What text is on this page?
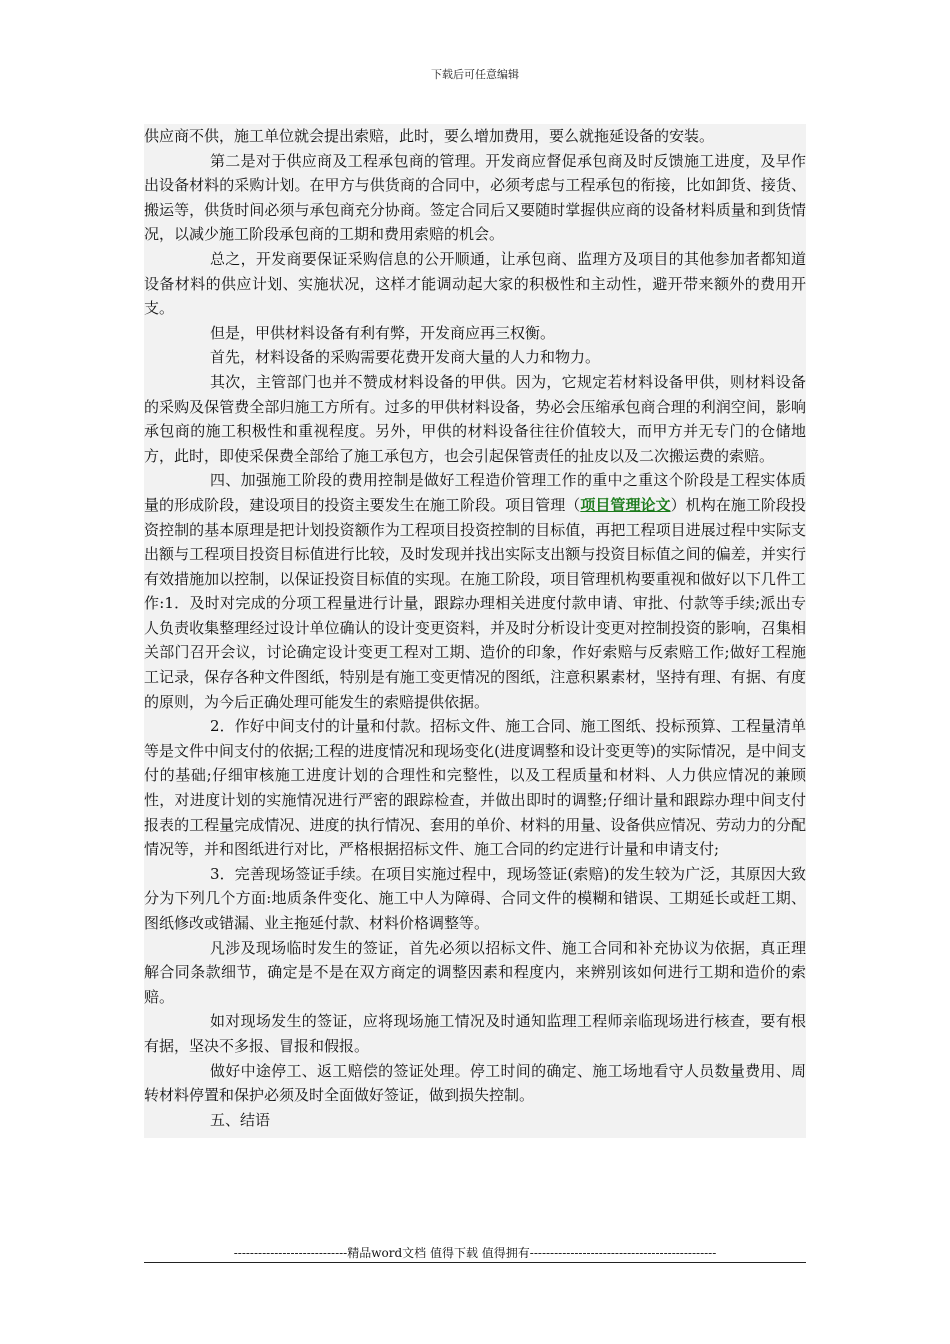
下载后可任意编辑

供应商不供，施工单位就会提出索赔，此时，要么增加费用，要么就拖延设备的安装。

第二是对于供应商及工程承包商的管理。开发商应督促承包商及时反馈施工进度，及早作出设备材料的采购计划。在甲方与供货商的合同中，必须考虑与工程承包的衔接，比如卸货、接货、搬运等，供货时间必须与承包商充分协商。签定合同后又要随时掌握供应商的设备材料质量和到货情况，以减少施工阶段承包商的工期和费用索赔的机会。

总之，开发商要保证采购信息的公开顺通，让承包商、监理方及项目的其他参加者都知道设备材料的供应计划、实施状况，这样才能调动起大家的积极性和主动性，避开带来额外的费用开支。

但是，甲供材料设备有利有弊，开发商应再三权衡。

首先，材料设备的采购需要花费开发商大量的人力和物力。

其次，主管部门也并不赞成材料设备的甲供。因为，它规定若材料设备甲供，则材料设备的采购及保管费全部归施工方所有。过多的甲供材料设备，势必会压缩承包商合理的利润空间，影响承包商的施工积极性和重视程度。另外，甲供的材料设备往往价值较大，而甲方并无专门的仓储地方，此时，即使采保费全部给了施工承包方，也会引起保管责任的扯皮以及二次搬运费的索赔。

四、加强施工阶段的费用控制是做好工程造价管理工作的重中之重这个阶段是工程实体质量的形成阶段，建设项目的投资主要发生在施工阶段。项目管理（项目管理论文）机构在施工阶段投资控制的基本原理是把计划投资额作为工程项目投资控制的目标值，再把工程项目进展过程中实际支出额与工程项目投资目标值进行比较，及时发现并找出实际支出额与投资目标值之间的偏差，并实行有效措施加以控制，以保证投资目标值的实现。在施工阶段，项目管理机构要重视和做好以下几件工作:1．及时对完成的分项工程量进行计量，跟踪办理相关进度付款申请、审批、付款等手续;派出专人负责收集整理经过设计单位确认的设计变更资料，并及时分析设计变更对控制投资的影响，召集相关部门召开会议，讨论确定设计变更工程对工期、造价的印象，作好索赔与反索赔工作;做好工程施工记录，保存各种文件图纸，特别是有施工变更情况的图纸，注意积累素材，坚持有理、有据、有度的原则，为今后正确处理可能发生的索赔提供依据。

2．作好中间支付的计量和付款。招标文件、施工合同、施工图纸、投标预算、工程量清单等是文件中间支付的依据;工程的进度情况和现场变化(进度调整和设计变更等)的实际情况，是中间支付的基础;仔细审核施工进度计划的合理性和完整性，以及工程质量和材料、人力供应情况的兼顾性，对进度计划的实施情况进行严密的跟踪检查，并做出即时的调整;仔细计量和跟踪办理中间支付报表的工程量完成情况、进度的执行情况、套用的单价、材料的用量、设备供应情况、劳动力的分配情况等，并和图纸进行对比，严格根据招标文件、施工合同的约定进行计量和申请支付;

3．完善现场签证手续。在项目实施过程中，现场签证(索赔)的发生较为广泛，其原因大致分为下列几个方面:地质条件变化、施工中人为障碍、合同文件的模糊和错误、工期延长或赶工期、图纸修改或错漏、业主拖延付款、材料价格调整等。

凡涉及现场临时发生的签证，首先必须以招标文件、施工合同和补充协议为依据，真正理解合同条款细节，确定是不是在双方商定的调整因素和程度内，来辨别该如何进行工期和造价的索赔。

如对现场发生的签证，应将现场施工情况及时通知监理工程师亲临现场进行核查，要有根有据，坚决不多报、冒报和假报。

做好中途停工、返工赔偿的签证处理。停工时间的确定、施工场地看守人员数量费用、周转材料停置和保护必须及时全面做好签证，做到损失控制。

五、结语

----------------------------精品word文档 值得下载 值得拥有----------------------------------------------
